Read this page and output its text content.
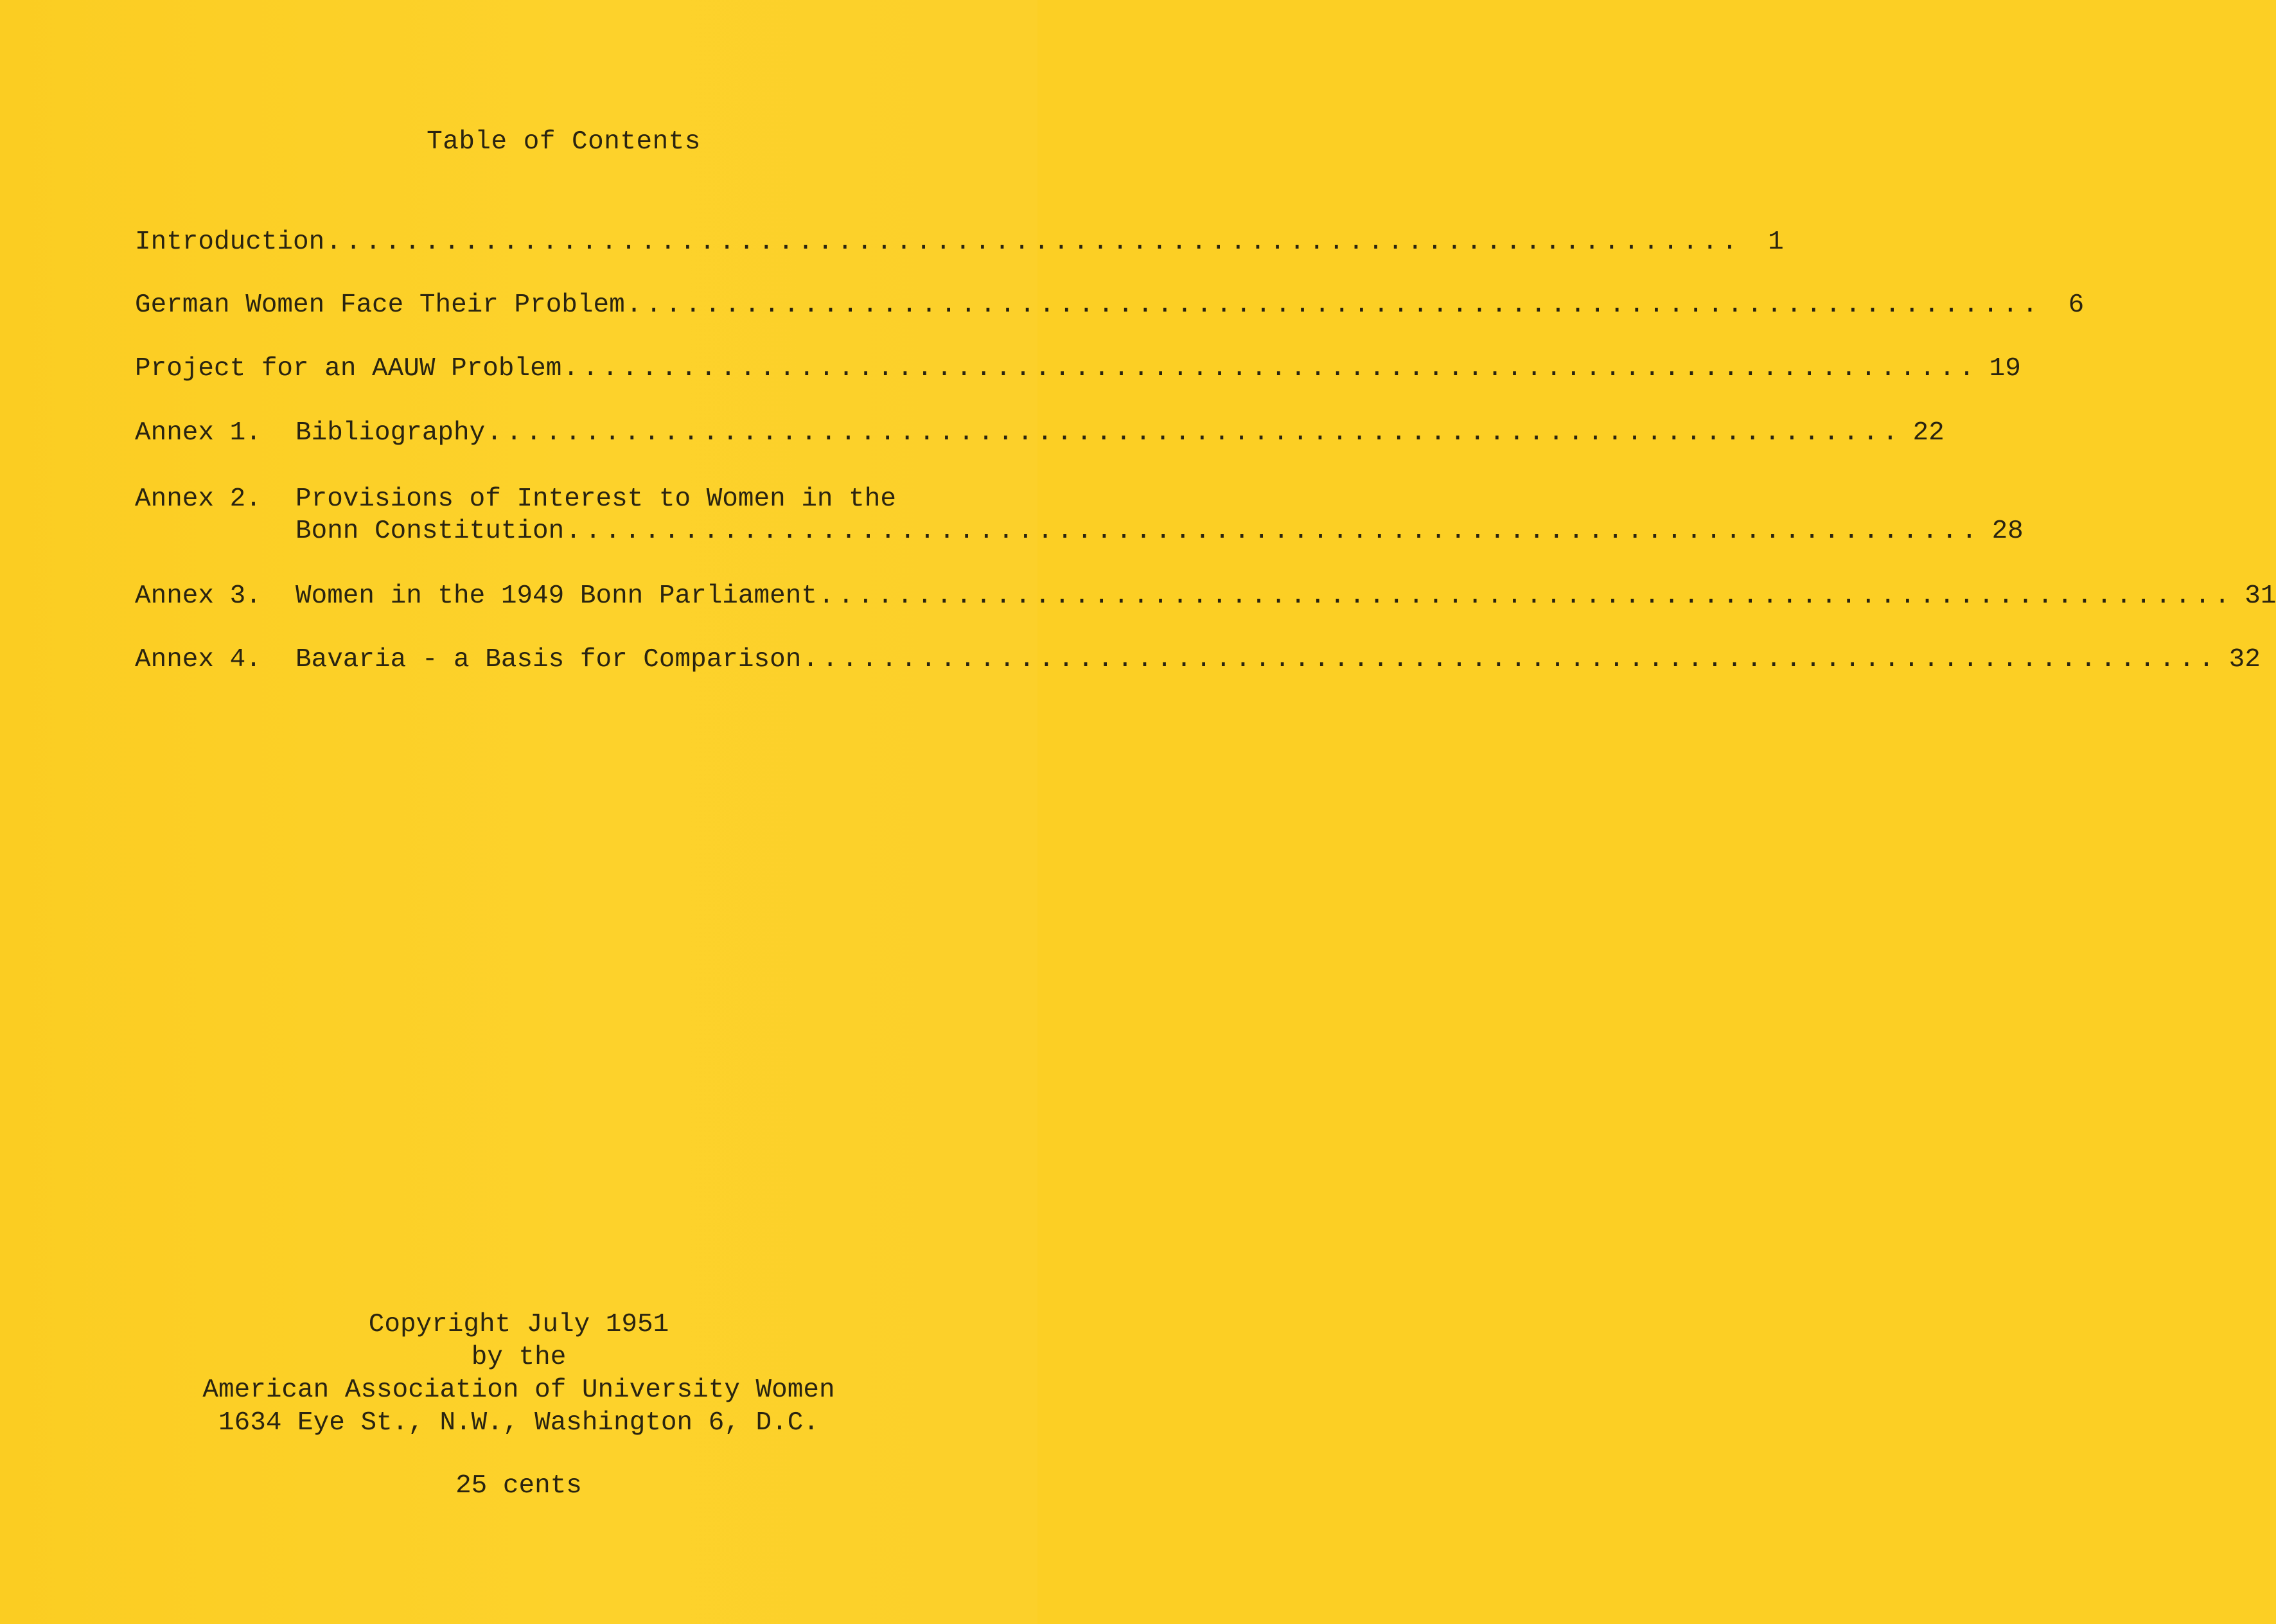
Table of Contents
Introduction ........................................................................	1
German Women Face Their Problem ........................................................................	6
Project for an AAUW Problem ........................................................................ 19
Annex 1.	Bibliography ........................................................................ 22
Annex 2.	Provisions of Interest to Women in the
Bonn Constitution ........................................................................ 28
Annex 3.	Women in the 1949 Bonn Parliament ........................................................................ 31
Annex 4.	Bavaria - a Basis for Comparison ........................................................................ 32
Copyright July 1951
by the
American Association of University Women
1634 Eye St., N.W., Washington 6, D.C.
25 cents
